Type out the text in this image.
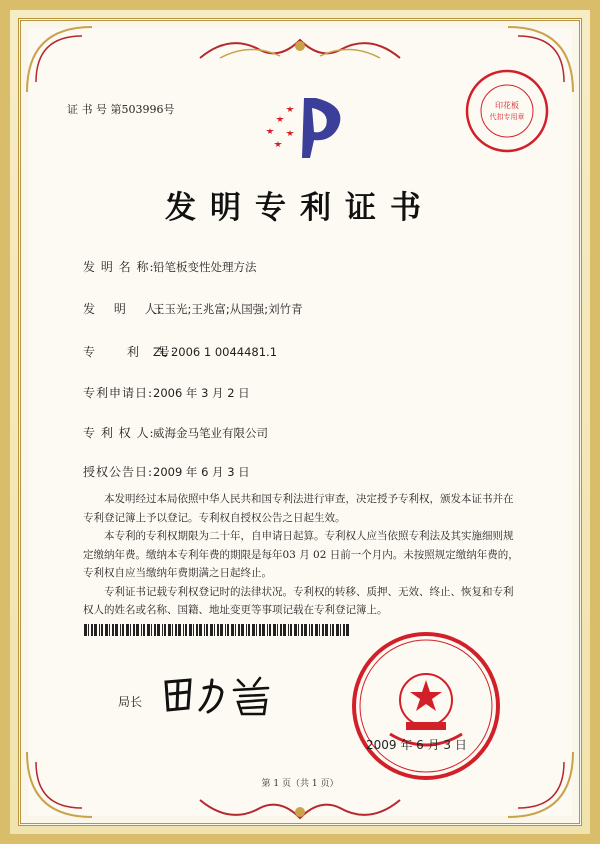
证 书 号 第503996号	印花板
代扣专用章
发明专利证书
发 明 名 称:铅笔板变性处理方法
发　 明　 人:王玉光;王兆富;从国强;刘竹青
专　　 利　 号:ZL 2006 1 0044481.1
专利申请日:2006 年 3 月 2 日
专 利 权 人:威海金马笔业有限公司
授权公告日:2009 年 6 月 3 日

本发明经过本局依照中华人民共和国专利法进行审查，决定授予专利权，颁发本证书并在专利登记簿上予以登记。专利权自授权公告之日起生效。

本专利的专利权期限为二十年，自申请日起算。专利权人应当依照专利法及其实施细则规定缴纳年费。缴纳本专利年费的期限是每年03 月 02 日前一个月内。未按照规定缴纳年费的，专利权自应当缴纳年费期满之日起终止。

专利证书记载专利权登记时的法律状况。专利权的转移、质押、无效、终止、恢复和专利权人的姓名或名称、国籍、地址变更等事项记载在专利登记簿上。

局长
2009 年 6 月 3 日
第 1 页（共 1 页）
